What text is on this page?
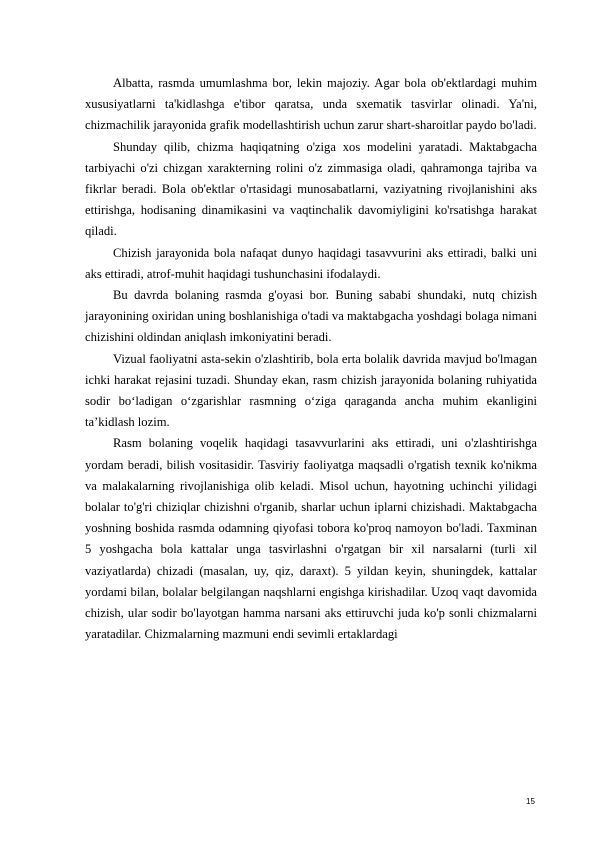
Albatta, rasmda umumlashma bor, lekin majoziy. Agar bola ob'ektlardagi muhim xususiyatlarni ta'kidlashga e'tibor qaratsa, unda sxematik tasvirlar olinadi. Ya'ni, chizmachilik jarayonida grafik modellashtirish uchun zarur shart-sharoitlar paydo bo'ladi.

Shunday qilib, chizma haqiqatning o'ziga xos modelini yaratadi. Maktabgacha tarbiyachi o'zi chizgan xarakterning rolini o'z zimmasiga oladi, qahramonga tajriba va fikrlar beradi. Bola ob'ektlar o'rtasidagi munosabatlarni, vaziyatning rivojlanishini aks ettirishga, hodisaning dinamikasini va vaqtinchalik davomiyligini ko'rsatishga harakat qiladi.

Chizish jarayonida bola nafaqat dunyo haqidagi tasavvurini aks ettiradi, balki uni aks ettiradi, atrof-muhit haqidagi tushunchasini ifodalaydi.

Bu davrda bolaning rasmda g'oyasi bor. Buning sababi shundaki, nutq chizish jarayonining oxiridan uning boshlanishiga o'tadi va maktabgacha yoshdagi bolaga nimani chizishini oldindan aniqlash imkoniyatini beradi.

Vizual faoliyatni asta-sekin o'zlashtirib, bola erta bolalik davrida mavjud bo'lmagan ichki harakat rejasini tuzadi. Shunday ekan, rasm chizish jarayonida bolaning ruhiyatida sodir bo‘ladigan o‘zgarishlar rasmning o‘ziga qaraganda ancha muhim ekanligini ta’kidlash lozim.

Rasm bolaning voqelik haqidagi tasavvurlarini aks ettiradi, uni o'zlashtirishga yordam beradi, bilish vositasidir. Tasviriy faoliyatga maqsadli o'rgatish texnik ko'nikma va malakalarning rivojlanishiga olib keladi. Misol uchun, hayotning uchinchi yilidagi bolalar to'g'ri chiziqlar chizishni o'rganib, sharlar uchun iplarni chizishadi. Maktabgacha yoshning boshida rasmda odamning qiyofasi tobora ko'proq namoyon bo'ladi. Taxminan 5 yoshgacha bola kattalar unga tasvirlashni o'rgatgan bir xil narsalarni (turli xil vaziyatlarda) chizadi (masalan, uy, qiz, daraxt). 5 yildan keyin, shuningdek, kattalar yordami bilan, bolalar belgilangan naqshlarni engishga kirishadilar. Uzoq vaqt davomida chizish, ular sodir bo'layotgan hamma narsani aks ettiruvchi juda ko'p sonli chizmalarni yaratadilar. Chizmalarning mazmuni endi sevimli ertaklardagi

15
